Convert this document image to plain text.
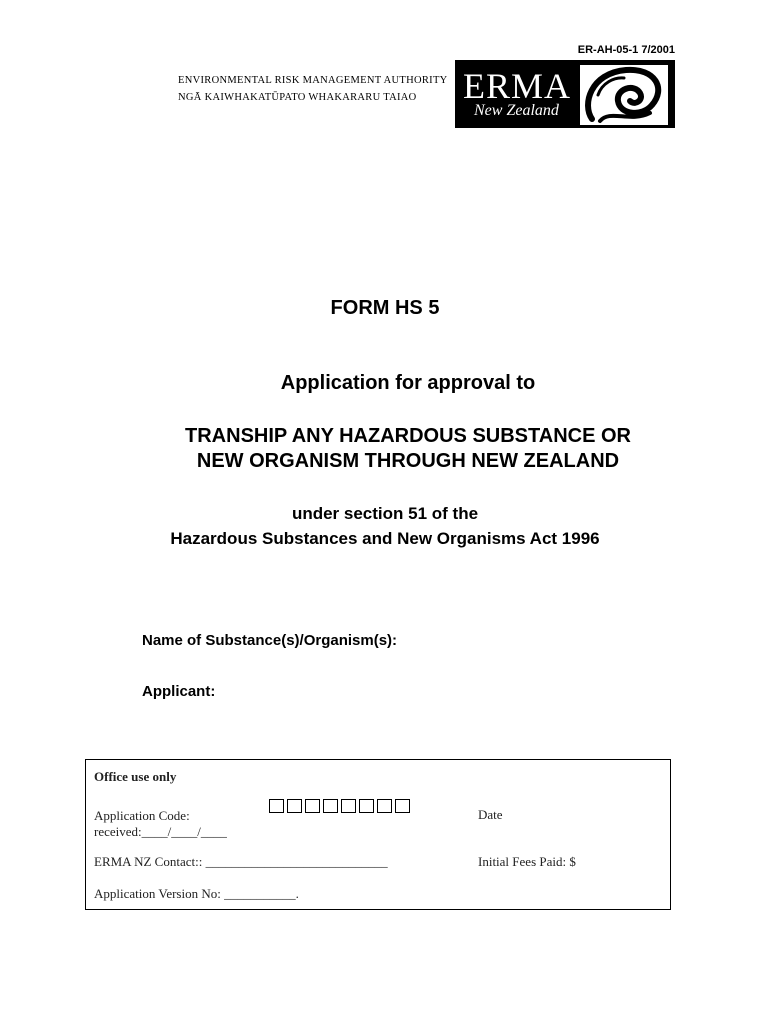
ER-AH-05-1 7/2001
ENVIRONMENTAL RISK MANAGEMENT AUTHORITY
NGĀ KAIWHAKATŪPATO WHAKARARU TAIAO	ERMA
New Zealand
FORM HS 5
Application for approval to
TRANSHIP ANY HAZARDOUS SUBSTANCE OR
NEW ORGANISM THROUGH NEW ZEALAND
under section 51 of the
Hazardous Substances and New Organisms Act 1996
Name of Substance(s)/Organism(s):
Applicant:
Office use only
Application Code:	Date
received:____/____/____
ERMA NZ Contact:: ____________________________	Initial Fees Paid: $
Application Version No: ___________.
